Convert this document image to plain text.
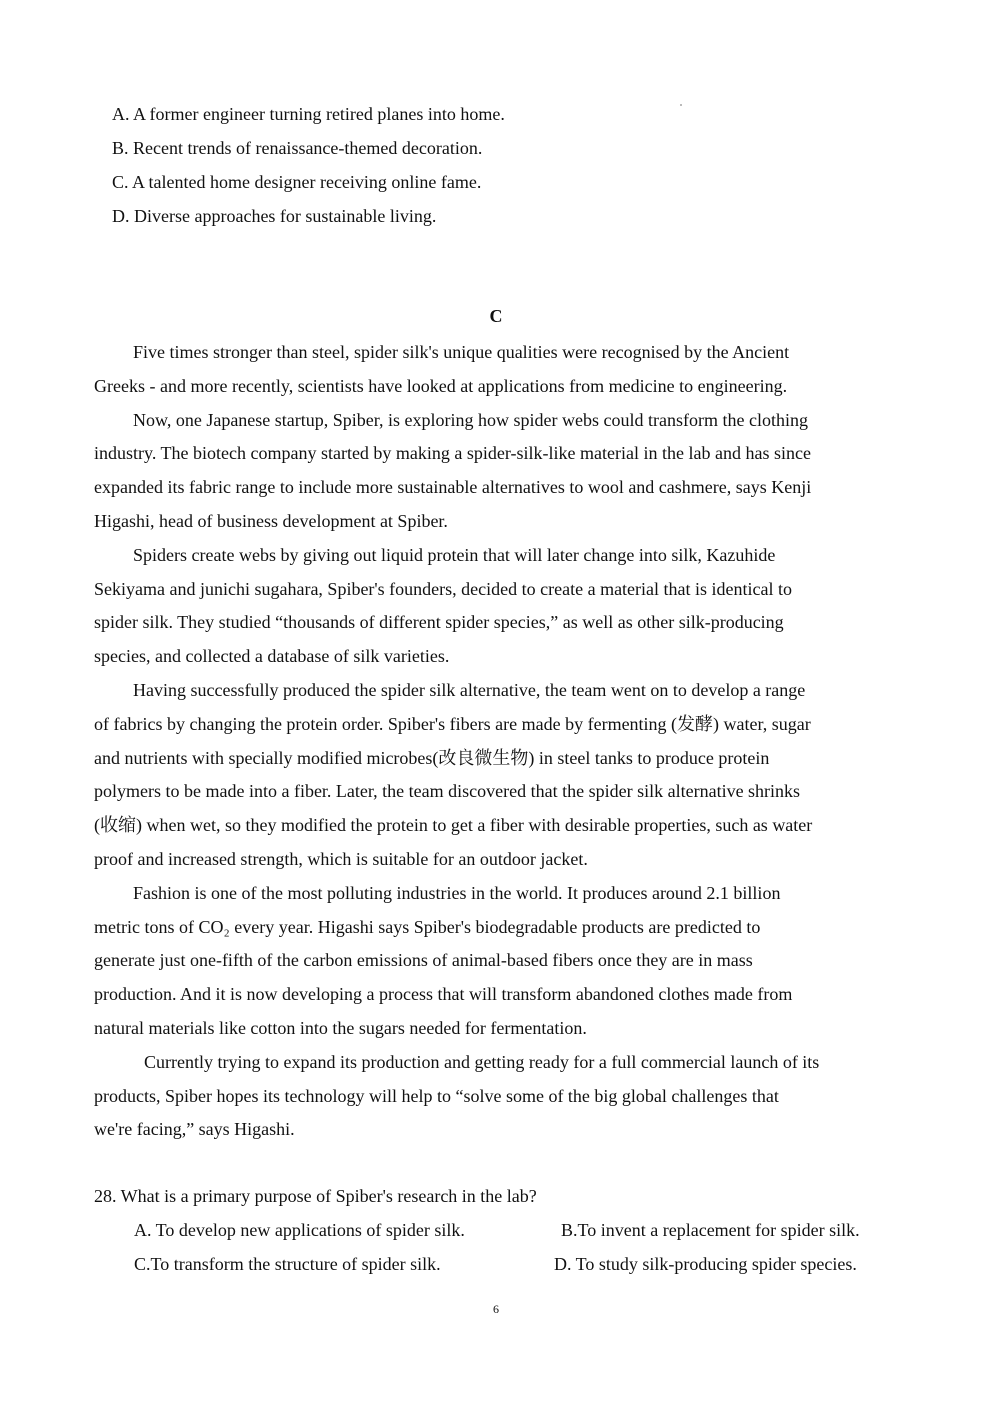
A. A former engineer turning retired planes into home.
B. Recent trends of renaissance-themed decoration.
C. A talented home designer receiving online fame.
D. Diverse approaches for sustainable living.
C
Five times stronger than steel, spider silk's unique qualities were recognised by the Ancient
Greeks - and more recently, scientists have looked at applications from medicine to engineering.
Now, one Japanese startup, Spiber, is exploring how spider webs could transform the clothing
industry. The biotech company started by making a spider-silk-like material in the lab and has since
expanded its fabric range to include more sustainable alternatives to wool and cashmere, says Kenji
Higashi, head of business development at Spiber.
Spiders create webs by giving out liquid protein that will later change into silk, Kazuhide
Sekiyama and junichi sugahara, Spiber's founders, decided to create a material that is identical to
spider silk. They studied “thousands of different spider species,” as well as other silk-producing
species, and collected a database of silk varieties.
Having successfully produced the spider silk alternative, the team went on to develop a range
of fabrics by changing the protein order. Spiber's fibers are made by fermenting (发酵) water, sugar
and nutrients with specially modified microbes(改良微生物) in steel tanks to produce protein
polymers to be made into a fiber. Later, the team discovered that the spider silk alternative shrinks
(收缩) when wet, so they modified the protein to get a fiber with desirable properties, such as water
proof and increased strength, which is suitable for an outdoor jacket.
Fashion is one of the most polluting industries in the world. It produces around 2.1 billion
metric tons of CO₂ every year. Higashi says Spiber's biodegradable products are predicted to
generate just one-fifth of the carbon emissions of animal-based fibers once they are in mass
production. And it is now developing a process that will transform abandoned clothes made from
natural materials like cotton into the sugars needed for fermentation.
Currently trying to expand its production and getting ready for a full commercial launch of its
products, Spiber hopes its technology will help to “solve some of the big global challenges that
we're facing,” says Higashi.
28. What is a primary purpose of Spiber's research in the lab?
A. To develop new applications of spider silk.	B.To invent a replacement for spider silk.
C.To transform the structure of spider silk.	D. To study silk-producing spider species.
6
